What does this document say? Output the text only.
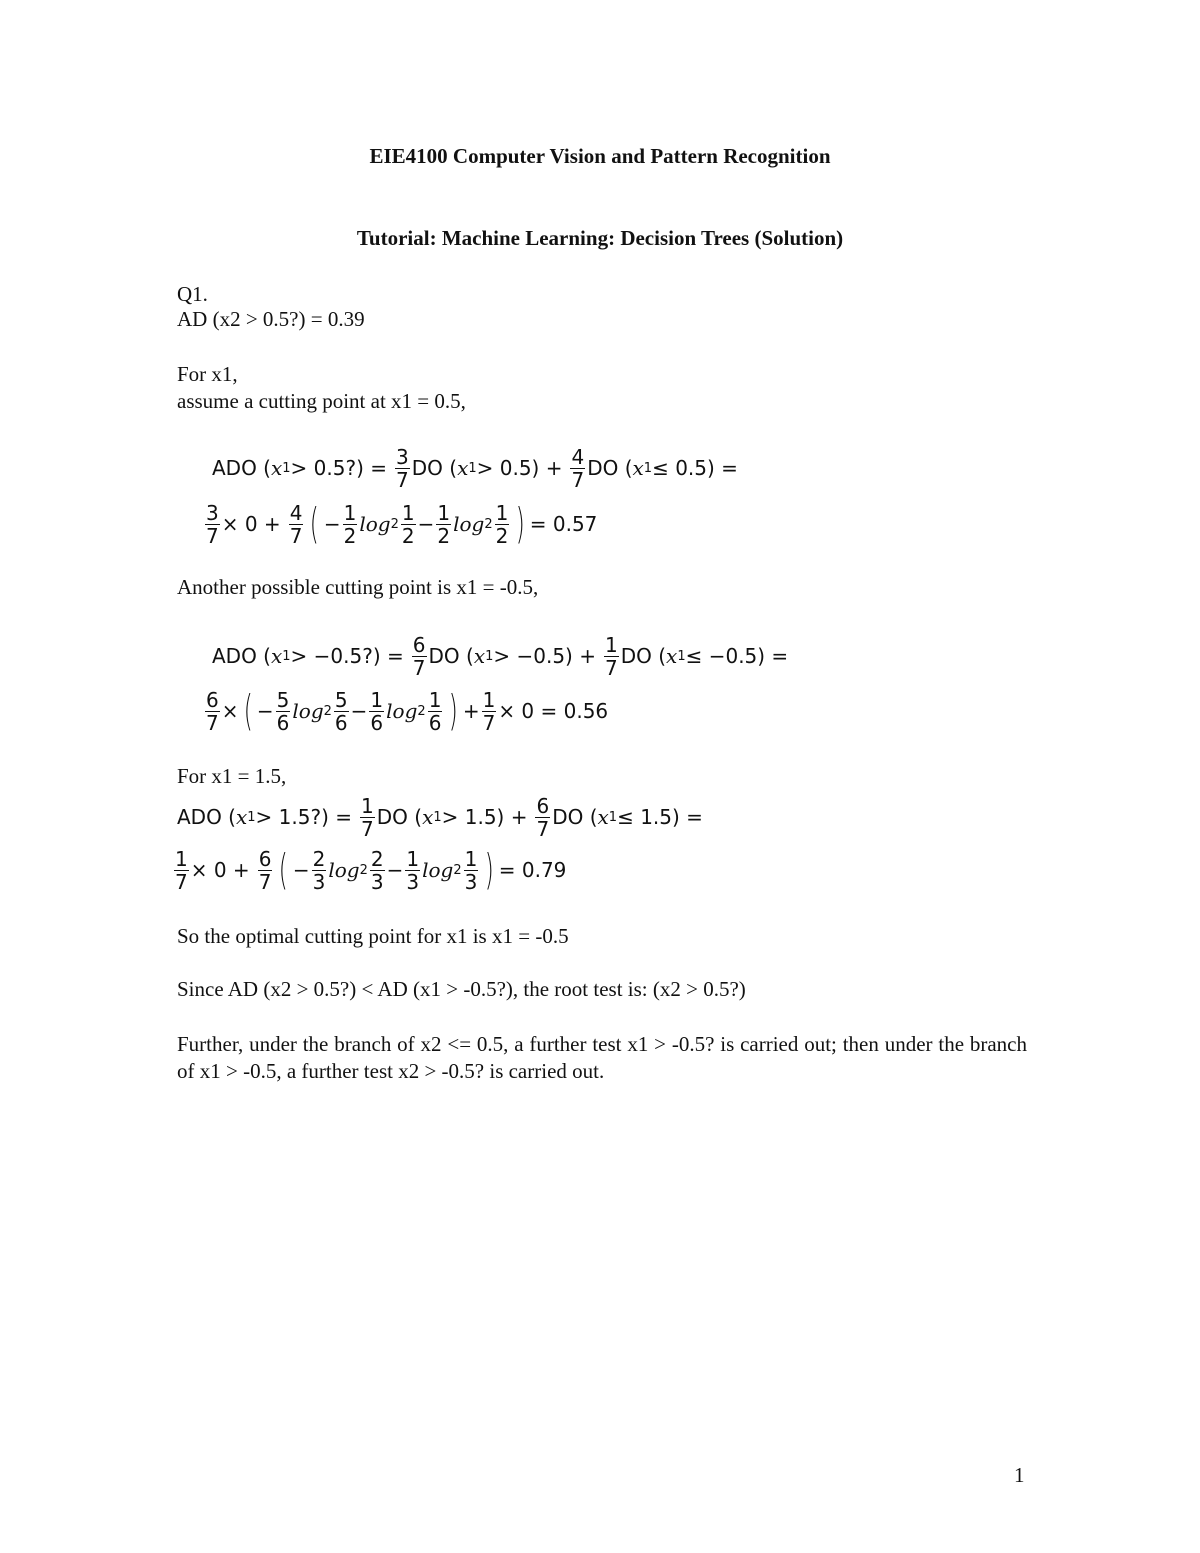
EIE4100 Computer Vision and Pattern Recognition
Tutorial: Machine Learning: Decision Trees (Solution)
Q1.
AD (x2 > 0.5?) = 0.39
For x1,
assume a cutting point at x1 = 0.5,
ADO ( x 1 > 0.5?) = $\frac{3}{7}$ DO ( x $1 > 0.5) + \frac{4}{7}$ DO ( x 1 ≤ 0.5) =
$\frac{3}{7} \times 0 + \frac{4}{7}$ ( − $\frac{1}{2}$ $\log 2 \frac{1}{2} - \frac{1}{2}$ $\log 2 \frac{1}{2}$ ) = 0.57
Another possible cutting point is x1 = -0.5,
ADO ( x 1 > −0.5?) = $\frac{6}{7}$ DO ( x $1 > -0.5) + \frac{1}{7}$ DO ( x 1 ≤ −0.5) =
$\frac{6}{7}$ × ( − $\frac{5}{6}$ $\log 2 \frac{5}{6} - \frac{1}{6}$ $\log 2 \frac{1}{6}$ ) + $\frac{1}{7} \times 0 = 0.56$
For x1 = 1.5,
ADO ( x 1 > 1.5?) = $\frac{1}{7}$ DO ( x $1 > 1.5) + \frac{6}{7}$ DO ( x 1 ≤ 1.5) =
$\frac{1}{7} \times 0 + \frac{6}{7}$ ( − $\frac{2}{3}$ $\log 2 \frac{2}{3} - \frac{1}{3}$ $\log 2 \frac{1}{3}$ ) = 0.79
So the optimal cutting point for x1 is x1 = -0.5
Since AD (x2 > 0.5?) < AD (x1 > -0.5?), the root test is: (x2 > 0.5?)
Further, under the branch of x2 <= 0.5, a further test x1 > -0.5? is carried out; then under the branch of x1 > -0.5, a further test x2 > -0.5? is carried out.
1
